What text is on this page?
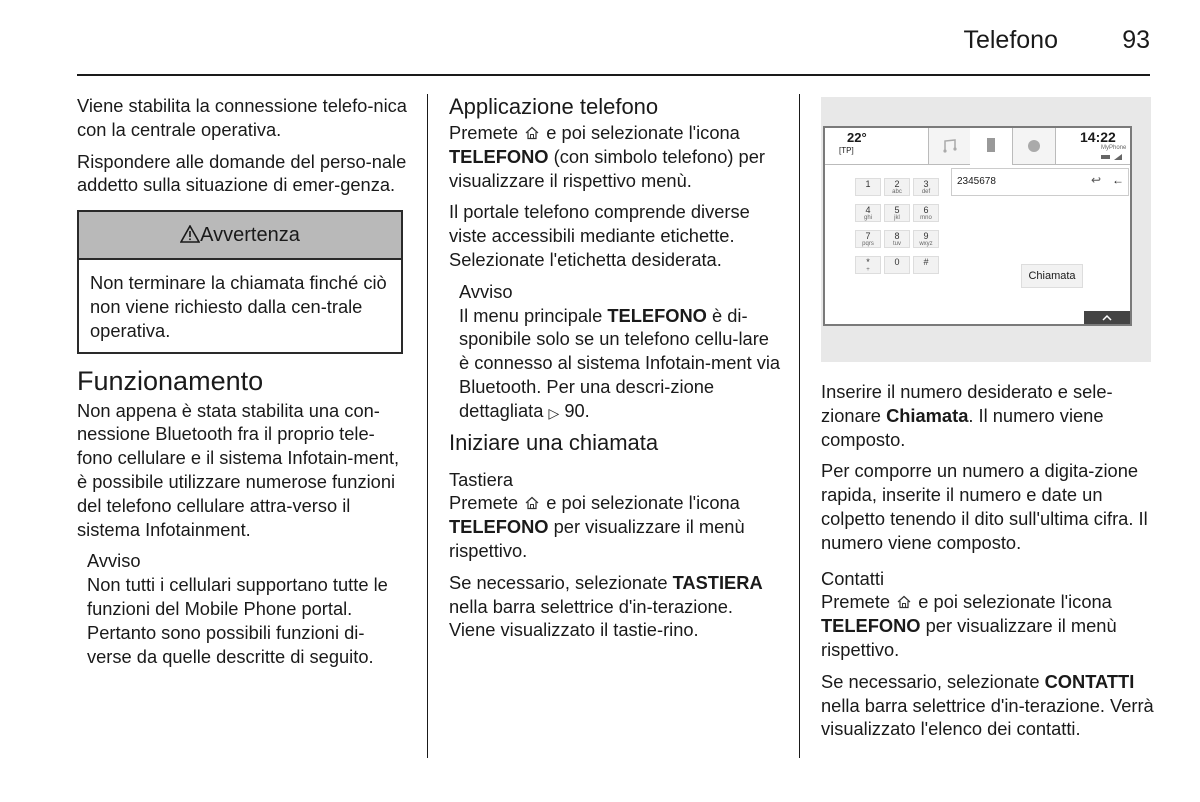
Telefono	93

Viene stabilita la connessione telefo-nica con la centrale operativa.

Rispondere alle domande del perso-nale addetto sulla situazione di emer-genza.

Avvertenza
Non terminare la chiamata finché ciò non viene richiesto dalla cen-trale operativa.
Funzionamento

Non appena è stata stabilita una con-nessione Bluetooth fra il proprio tele-fono cellulare e il sistema Infotain-ment, è possibile utilizzare numerose funzioni del telefono cellulare attra-verso il sistema Infotainment.

Avviso
Non tutti i cellulari supportano tutte le funzioni del Mobile Phone portal. Pertanto sono possibili funzioni di-verse da quelle descritte di seguito.
Applicazione telefono

Premete e poi selezionate l'icona TELEFONO (con simbolo telefono) per visualizzare il rispettivo menù.

Il portale telefono comprende diverse viste accessibili mediante etichette. Selezionate l'etichetta desiderata.

Avviso
Il menu principale TELEFONO è di-sponibile solo se un telefono cellu-lare è connesso al sistema Infotain-ment via Bluetooth. Per una descri-zione dettagliata ▷ 90.
Iniziare una chiamata
Tastiera

Premete e poi selezionate l'icona TELEFONO per visualizzare il menù rispettivo.

Se necessario, selezionate TASTIERA nella barra selettrice d'in-terazione. Viene visualizzato il tastie-rino.

22°
[TP]
14:22
MyPhone
2345678	↩ ←
1	2
abc
3
def
4
ghi
5
jkl
6
mno
7
pqrs
8
tuv
9
wxyz
*
+
0	#
Chiamata

Inserire il numero desiderato e sele-zionare Chiamata. Il numero viene composto.

Per comporre un numero a digita-zione rapida, inserite il numero e date un colpetto tenendo il dito sull'ultima cifra. Il numero viene composto.

Contatti

Premete e poi selezionate l'icona TELEFONO per visualizzare il menù rispettivo.

Se necessario, selezionate CONTATTI nella barra selettrice d'in-terazione. Verrà visualizzato l'elenco dei contatti.
